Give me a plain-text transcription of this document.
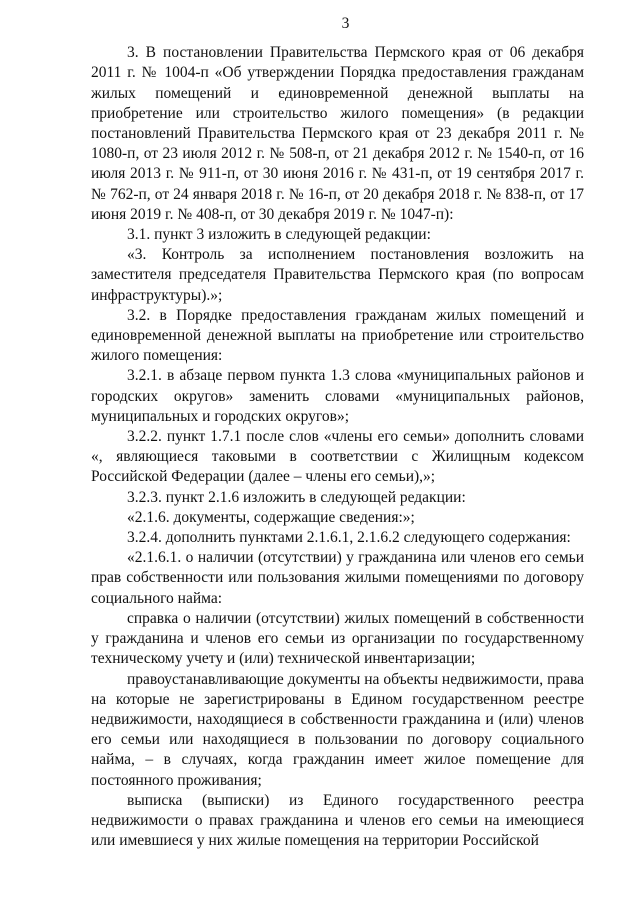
3

3. В постановлении Правительства Пермского края от 06 декабря 2011 г. № 1004-п «Об утверждении Порядка предоставления гражданам жилых помещений и единовременной денежной выплаты на приобретение или строительство жилого помещения» (в редакции постановлений Правительства Пермского края от 23 декабря 2011 г. № 1080-п, от 23 июля 2012 г. № 508-п, от 21 декабря 2012 г. № 1540-п, от 16 июля 2013 г. № 911-п, от 30 июня 2016 г. № 431-п, от 19 сентября 2017 г. № 762-п, от 24 января 2018 г. № 16-п, от 20 декабря 2018 г. № 838-п, от 17 июня 2019 г. № 408-п, от 30 декабря 2019 г. № 1047-п):

3.1. пункт 3 изложить в следующей редакции:

«3. Контроль за исполнением постановления возложить на заместителя председателя Правительства Пермского края (по вопросам инфраструктуры).»;

3.2. в Порядке предоставления гражданам жилых помещений и единовременной денежной выплаты на приобретение или строительство жилого помещения:

3.2.1. в абзаце первом пункта 1.3 слова «муниципальных районов и городских округов» заменить словами «муниципальных районов, муниципальных и городских округов»;

3.2.2. пункт 1.7.1 после слов «члены его семьи» дополнить словами «, являющиеся таковыми в соответствии с Жилищным кодексом Российской Федерации (далее – члены его семьи),»;

3.2.3. пункт 2.1.6 изложить в следующей редакции:

«2.1.6. документы, содержащие сведения:»;

3.2.4. дополнить пунктами 2.1.6.1, 2.1.6.2 следующего содержания:

«2.1.6.1. о наличии (отсутствии) у гражданина или членов его семьи прав собственности или пользования жилыми помещениями по договору социального найма:

справка о наличии (отсутствии) жилых помещений в собственности у гражданина и членов его семьи из организации по государственному техническому учету и (или) технической инвентаризации;

правоустанавливающие документы на объекты недвижимости, права на которые не зарегистрированы в Едином государственном реестре недвижимости, находящиеся в собственности гражданина и (или) членов его семьи или находящиеся в пользовании по договору социального найма, – в случаях, когда гражданин имеет жилое помещение для постоянного проживания;

выписка (выписки) из Единого государственного реестра недвижимости о правах гражданина и членов его семьи на имеющиеся или имевшиеся у них жилые помещения на территории Российской
